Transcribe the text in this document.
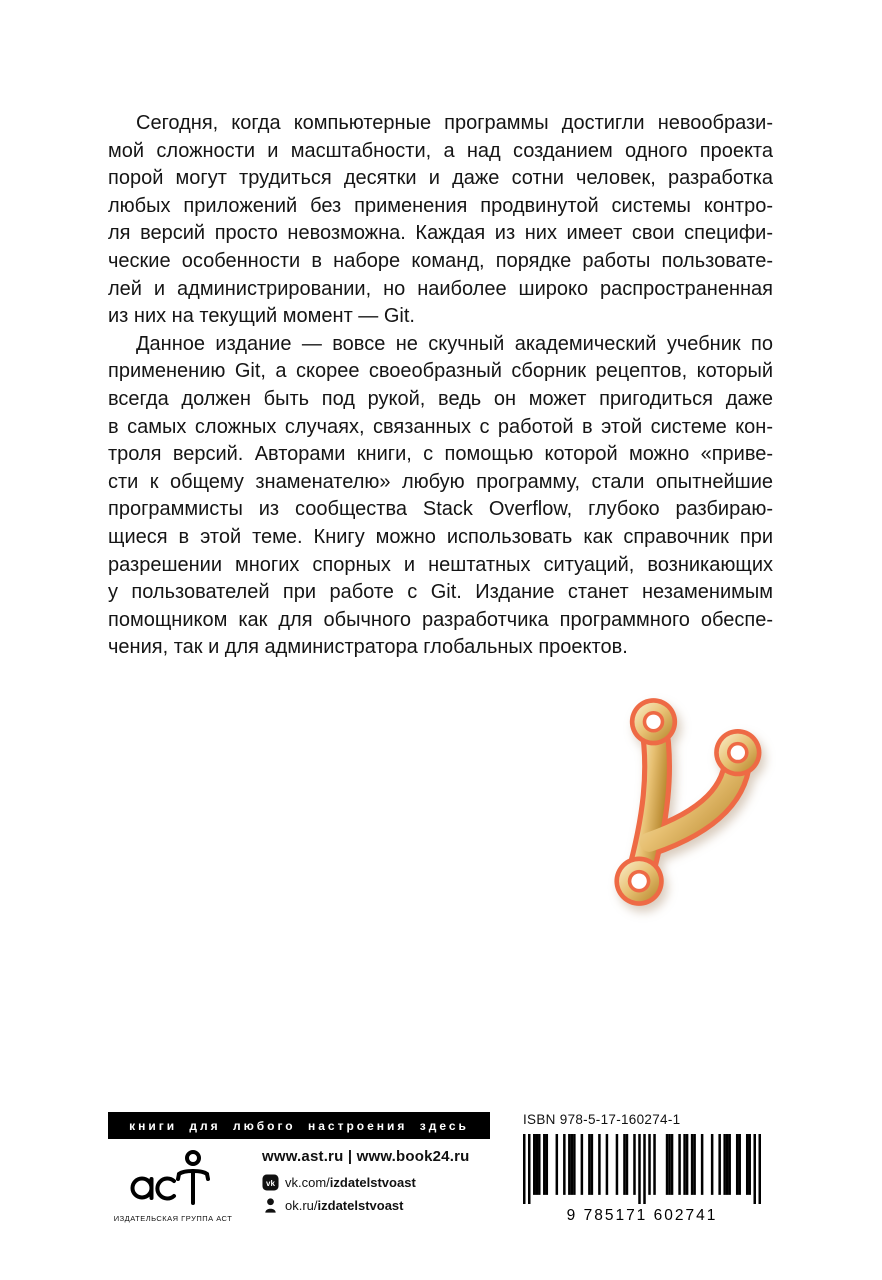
Сегодня, когда компьютерные программы достигли невообрази-
мой сложности и масштабности, а над созданием одного проекта
порой могут трудиться десятки и даже сотни человек, разработка
любых приложений без применения продвинутой системы контро-
ля версий просто невозможна. Каждая из них имеет свои специфи-
ческие особенности в наборе команд, порядке работы пользовате-
лей и администрировании, но наиболее широко распространенная
из них на текущий момент — Git.
Данное издание — вовсе не скучный академический учебник по
применению Git, а скорее своеобразный сборник рецептов, который
всегда должен быть под рукой, ведь он может пригодиться даже
в самых сложных случаях, связанных с работой в этой системе кон-
троля версий. Авторами книги, с помощью которой можно «приве-
сти к общему знаменателю» любую программу, стали опытнейшие
программисты из сообщества Stack Overflow, глубоко разбираю-
щиеся в этой теме. Книгу можно использовать как справочник при
разрешении многих спорных и нештатных ситуаций, возникающих
у пользователей при работе с Git. Издание станет незаменимым
помощником как для обычного разработчика программного обеспе-
чения, так и для администратора глобальных проектов.
книги для любого настроения здесь	ISBN 978-5-17-160274-1
9 785171 602741
ИЗДАТЕЛЬСКАЯ ГРУППА АСТ
www.ast.ru | www.book24.ru
vk vk.com/izdatelstvoast
ok.ru/izdatelstvoast
